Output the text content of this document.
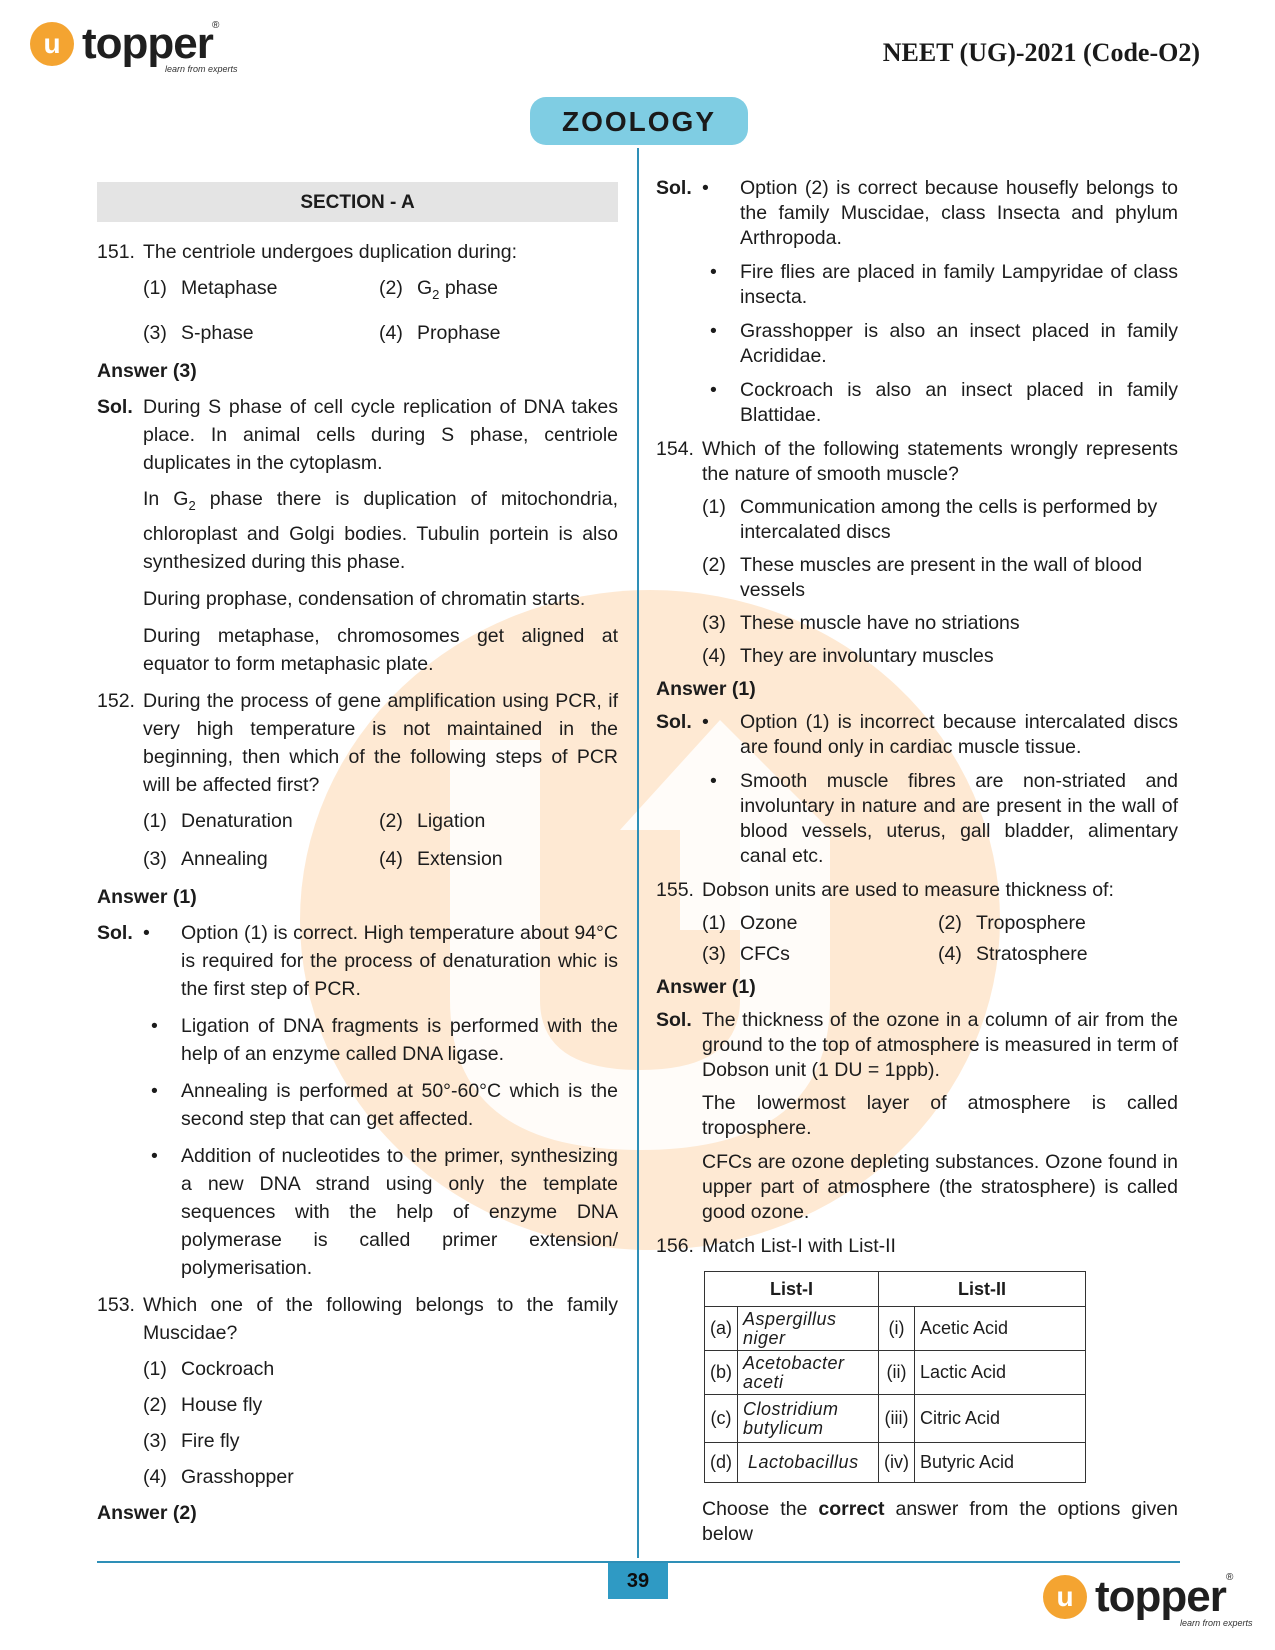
u topper ®
learn from experts
NEET (UG)-2021 (Code-O2)
ZOOLOGY
SECTION - A
151. The centriole undergoes duplication during:
(1) Metaphase	(2) $G_2$ phase
(3) S-phase	(4) Prophase
Answer (3)
Sol. During S phase of cell cycle replication of DNA takes place. In animal cells during S phase, centriole duplicates in the cytoplasm.
In $G_2$ phase there is duplication of mitochondria, chloroplast and Golgi bodies. Tubulin portein is also synthesized during this phase.
During prophase, condensation of chromatin starts.
During metaphase, chromosomes get aligned at equator to form metaphasic plate.
152. During the process of gene amplification using PCR, if very high temperature is not maintained in the beginning, then which of the following steps of PCR will be affected first?
(1) Denaturation	(2) Ligation
(3) Annealing	(4) Extension
Answer (1)
Sol. •	Option (1) is correct. High temperature about 94°C is required for the process of denaturation whic is the first step of PCR.
•	Ligation of DNA fragments is performed with the help of an enzyme called DNA ligase.
•	Annealing is performed at 50°-60°C which is the second step that can get affected.
•	Addition of nucleotides to the primer, synthesizing a new DNA strand using only the template sequences with the help of enzyme DNA polymerase is called primer extension/ polymerisation.
153. Which one of the following belongs to the family Muscidae?
(1) Cockroach
(2) House fly
(3) Fire fly
(4) Grasshopper
Answer (2)
Sol. •	Option (2) is correct because housefly belongs to the family Muscidae, class Insecta and phylum Arthropoda.
•	Fire flies are placed in family Lampyridae of class insecta.
•	Grasshopper is also an insect placed in family Acrididae.
•	Cockroach is also an insect placed in family Blattidae.
154. Which of the following statements wrongly represents the nature of smooth muscle?
(1) Communication among the cells is performed by intercalated discs
(2) These muscles are present in the wall of blood vessels
(3) These muscle have no striations
(4) They are involuntary muscles
Answer (1)
Sol. •	Option (1) is incorrect because intercalated discs are found only in cardiac muscle tissue.
•	Smooth muscle fibres are non-striated and involuntary in nature and are present in the wall of blood vessels, uterus, gall bladder, alimentary canal etc.
155. Dobson units are used to measure thickness of:
(1) Ozone	(2) Troposphere
(3) CFCs	(4) Stratosphere
Answer (1)
Sol. The thickness of the ozone in a column of air from the ground to the top of atmosphere is measured in term of Dobson unit (1 DU = 1ppb).
The lowermost layer of atmosphere is called troposphere.
CFCs are ozone depleting substances. Ozone found in upper part of atmosphere (the stratosphere) is called good ozone.
156. Match List-I with List-II
List-I		List-II	
(a)	Aspergillus niger	(i)	Acetic Acid
(b)	Acetobacter aceti	(ii)	Lactic Acid
(c)	Clostridium butylicum	(iii)	Citric Acid
(d)	Lactobacillus	(iv)	Butyric Acid
Choose the correct answer from the options given below
39	u topper ®
learn from experts
